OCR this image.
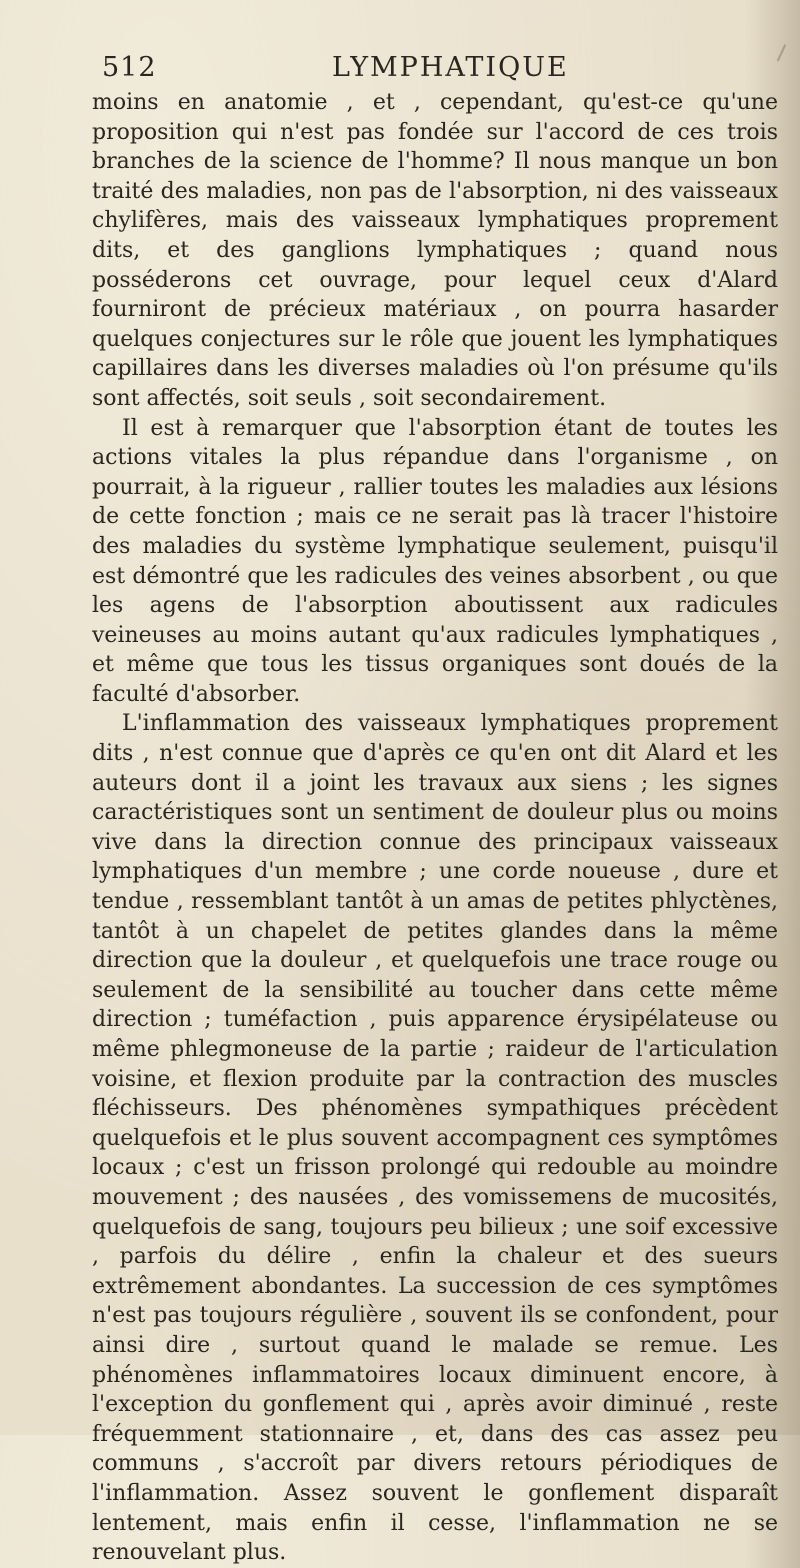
512	LYMPHATIQUE

moins en anatomie , et , cependant, qu'est-ce qu'une proposition qui n'est pas fondée sur l'accord de ces trois branches de la science de l'homme? Il nous manque un bon traité des maladies, non pas de l'absorption, ni des vaisseaux chylifères, mais des vaisseaux lymphatiques proprement dits, et des ganglions lymphatiques ; quand nous posséderons cet ouvrage, pour lequel ceux d'Alard fourniront de précieux matériaux , on pourra hasarder quelques conjectures sur le rôle que jouent les lymphatiques capillaires dans les diverses maladies où l'on présume qu'ils sont affectés, soit seuls , soit secondairement.

Il est à remarquer que l'absorption étant de toutes les actions vitales la plus répandue dans l'organisme , on pourrait, à la rigueur , rallier toutes les maladies aux lésions de cette fonction ; mais ce ne serait pas là tracer l'histoire des maladies du système lymphatique seulement, puisqu'il est démontré que les radicules des veines absorbent , ou que les agens de l'absorption aboutissent aux radicules veineuses au moins autant qu'aux radicules lymphatiques , et même que tous les tissus organiques sont doués de la faculté d'absorber.

L'inflammation des vaisseaux lymphatiques proprement dits , n'est connue que d'après ce qu'en ont dit Alard et les auteurs dont il a joint les travaux aux siens ; les signes caractéristiques sont un sentiment de douleur plus ou moins vive dans la direction connue des principaux vaisseaux lymphatiques d'un membre ; une corde noueuse , dure et tendue , ressemblant tantôt à un amas de petites phlyctènes, tantôt à un chapelet de petites glandes dans la même direction que la douleur , et quelquefois une trace rouge ou seulement de la sensibilité au toucher dans cette même direction ; tuméfaction , puis apparence érysipélateuse ou même phlegmoneuse de la partie ; raideur de l'articulation voisine, et flexion produite par la contraction des muscles fléchisseurs. Des phénomènes sympathiques précèdent quelquefois et le plus souvent accompagnent ces symptômes locaux ; c'est un frisson prolongé qui redouble au moindre mouvement ; des nausées , des vomissemens de mucosités, quelquefois de sang, toujours peu bilieux ; une soif excessive , parfois du délire , enfin la chaleur et des sueurs extrêmement abondantes. La succession de ces symptômes n'est pas toujours régulière , souvent ils se confondent, pour ainsi dire , surtout quand le malade se remue. Les phénomènes inflammatoires locaux diminuent encore, à l'exception du gonflement qui , après avoir diminué , reste fréquemment stationnaire , et, dans des cas assez peu communs , s'accroît par divers retours périodiques de l'inflammation. Assez souvent le gonflement disparaît lentement, mais enfin il cesse, l'inflammation ne se renouvelant plus.
